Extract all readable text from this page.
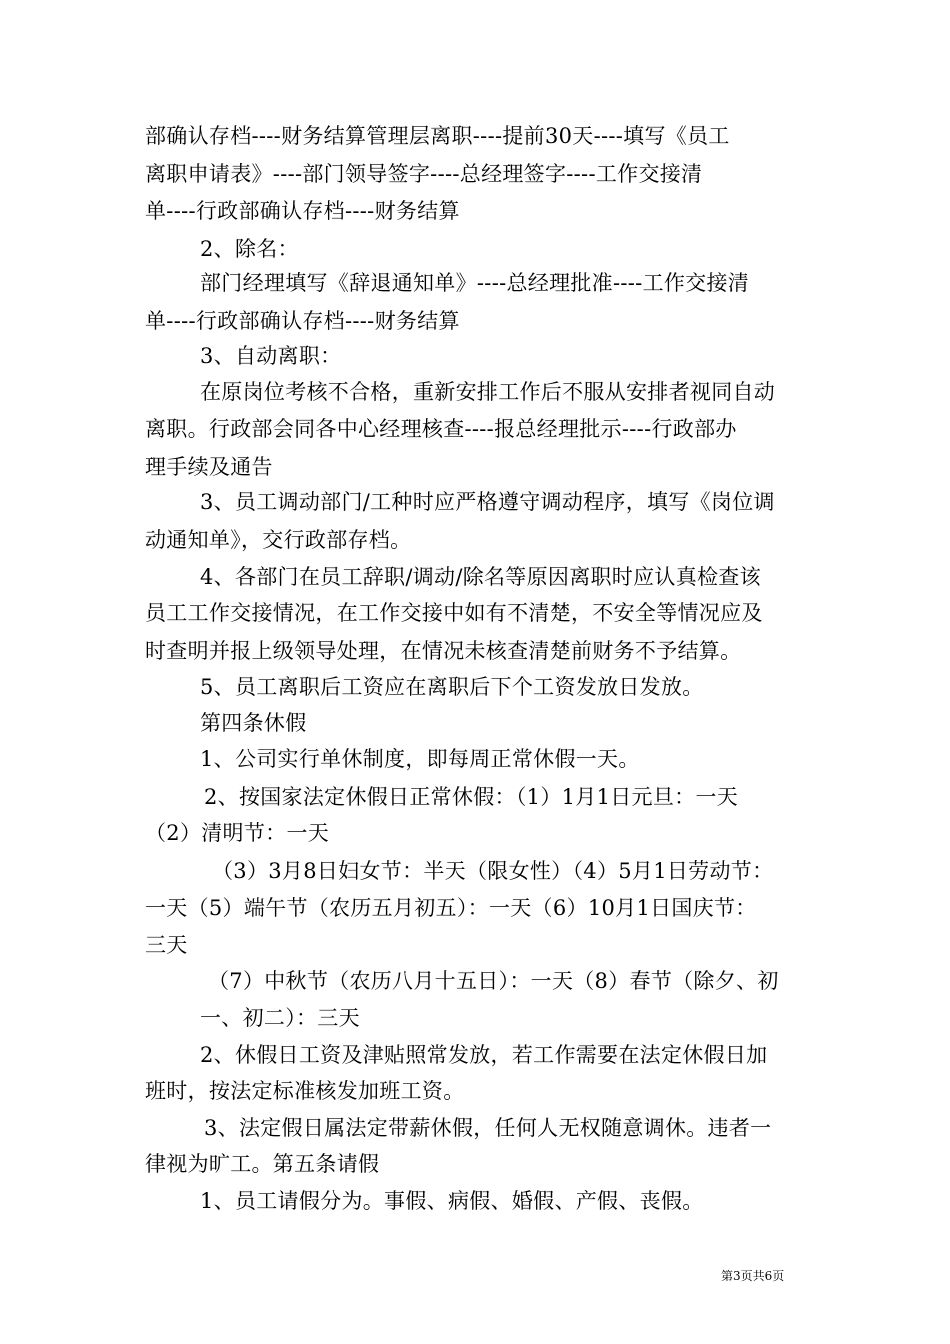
部确认存档----财务结算管理层离职----提前30天----填写《员工
离职申请表》----部门领导签字----总经理签字----工作交接清
单----行政部确认存档----财务结算
2、除名：
部门经理填写《辞退通知单》----总经理批准----工作交接清
单----行政部确认存档----财务结算
3、自动离职：
在原岗位考核不合格，重新安排工作后不服从安排者视同自动
离职。行政部会同各中心经理核查----报总经理批示----行政部办
理手续及通告
3、员工调动部门/工种时应严格遵守调动程序，填写《岗位调
动通知单》，交行政部存档。
4、各部门在员工辞职/调动/除名等原因离职时应认真检查该
员工工作交接情况，在工作交接中如有不清楚，不安全等情况应及
时查明并报上级领导处理，在情况未核查清楚前财务不予结算。
5、员工离职后工资应在离职后下个工资发放日发放。
第四条休假
1、公司实行单休制度，即每周正常休假一天。
2、按国家法定休假日正常休假：（1）1月1日元旦：一天
（2）清明节：一天
（3）3月8日妇女节：半天（限女性）（4）5月1日劳动节：
一天（5）端午节（农历五月初五）：一天（6）10月1日国庆节：
三天
（7）中秋节（农历八月十五日）：一天（8）春节（除夕、初
一、初二）：三天
2、休假日工资及津贴照常发放，若工作需要在法定休假日加
班时，按法定标准核发加班工资。
3、法定假日属法定带薪休假，任何人无权随意调休。违者一
律视为旷工。第五条请假
1、员工请假分为。事假、病假、婚假、产假、丧假。
第3页共6页
